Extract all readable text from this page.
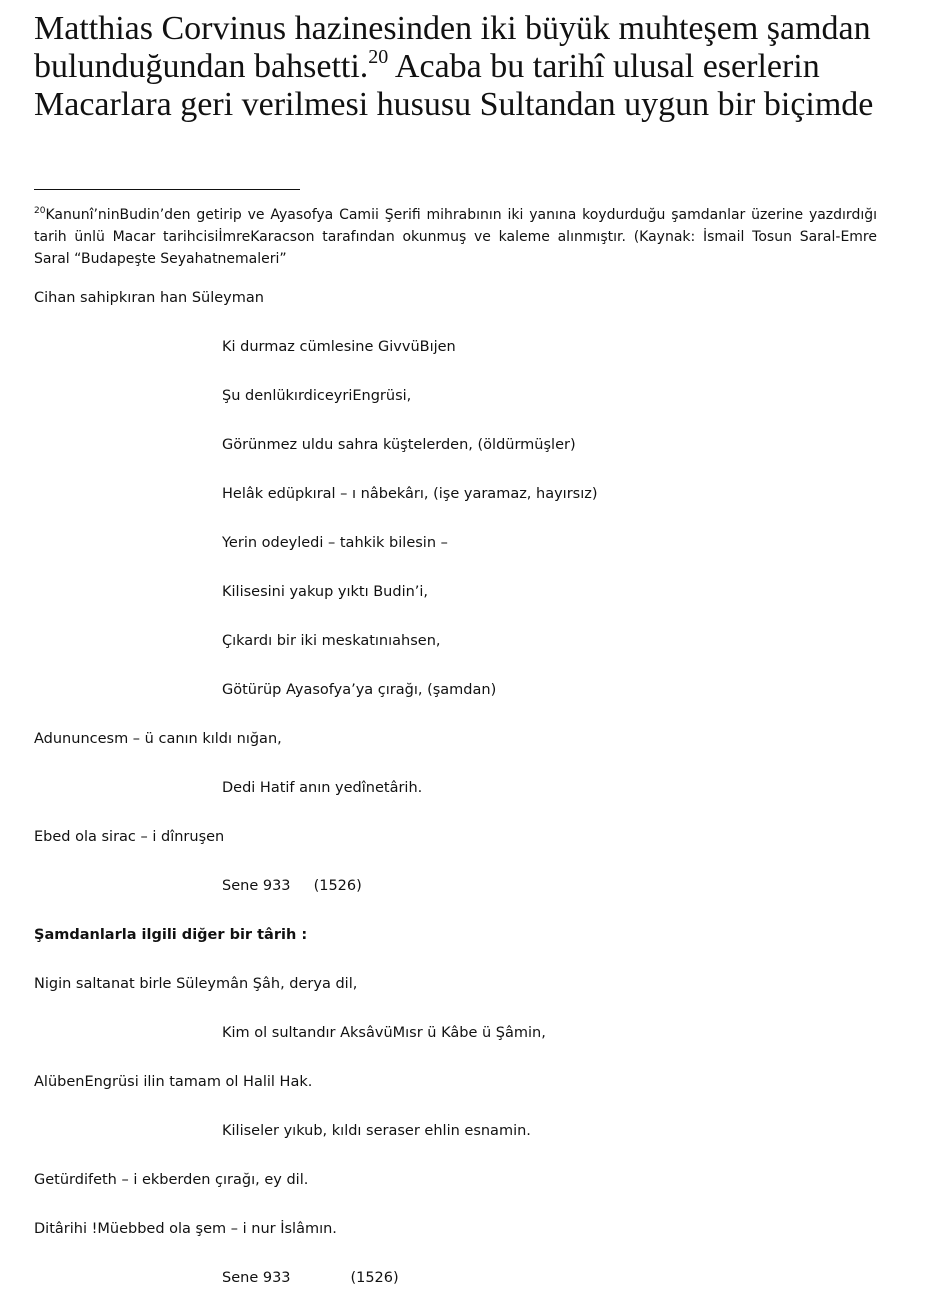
Matthias Corvinus hazinesinden iki büyük muhteşem şamdan bulunduğundan bahsetti.$^{20}$ Acaba bu tarihî ulusal eserlerin Macarlara geri verilmesi hususu Sultandan uygun bir biçimde

$^{20}$Kanunî’ninBudin’den getirip ve Ayasofya Camii Şerifi mihrabının iki yanına koydurduğu şamdanlar üzerine yazdırdığı tarih ünlü Macar tarihcisiİmreKaracson tarafından okunmuş ve kaleme alınmıştır. (Kaynak: İsmail Tosun Saral-Emre Saral “Budapeşte Seyahatnemaleri”

Cihan sahipkıran han Süleyman

Ki durmaz cümlesine GivvüBıjen

Şu denlükırdiceyriEngrüsi,

Görünmez uldu sahra küştelerden, (öldürmüşler)

Helâk edüpkıral – ı nâbekârı, (işe yaramaz, hayırsız)

Yerin odeyledi – tahkik bilesin –

Kilisesini yakup yıktı Budin’i,

Çıkardı bir iki meskatınıahsen,

Götürüp Ayasofya’ya çırağı, (şamdan)

Adununcesm – ü canın kıldı nığan,

Dedi Hatif anın yedînetârih.

Ebed ola sirac – i dînruşen

Sene 933     (1526)

Şamdanlarla ilgili diğer bir târih :

Nigin saltanat birle Süleymân Şâh, derya dil,

Kim ol sultandır AksâvüMısr ü Kâbe ü Şâmin,

AlübenEngrüsi ilin tamam ol Halil Hak.

Kiliseler yıkub, kıldı seraser ehlin esnamin.

Getürdifeth – i ekberden çırağı, ey dil.

Ditârihi !Müebbed ola şem – i nur İslâmın.

Sene 933             (1526)
